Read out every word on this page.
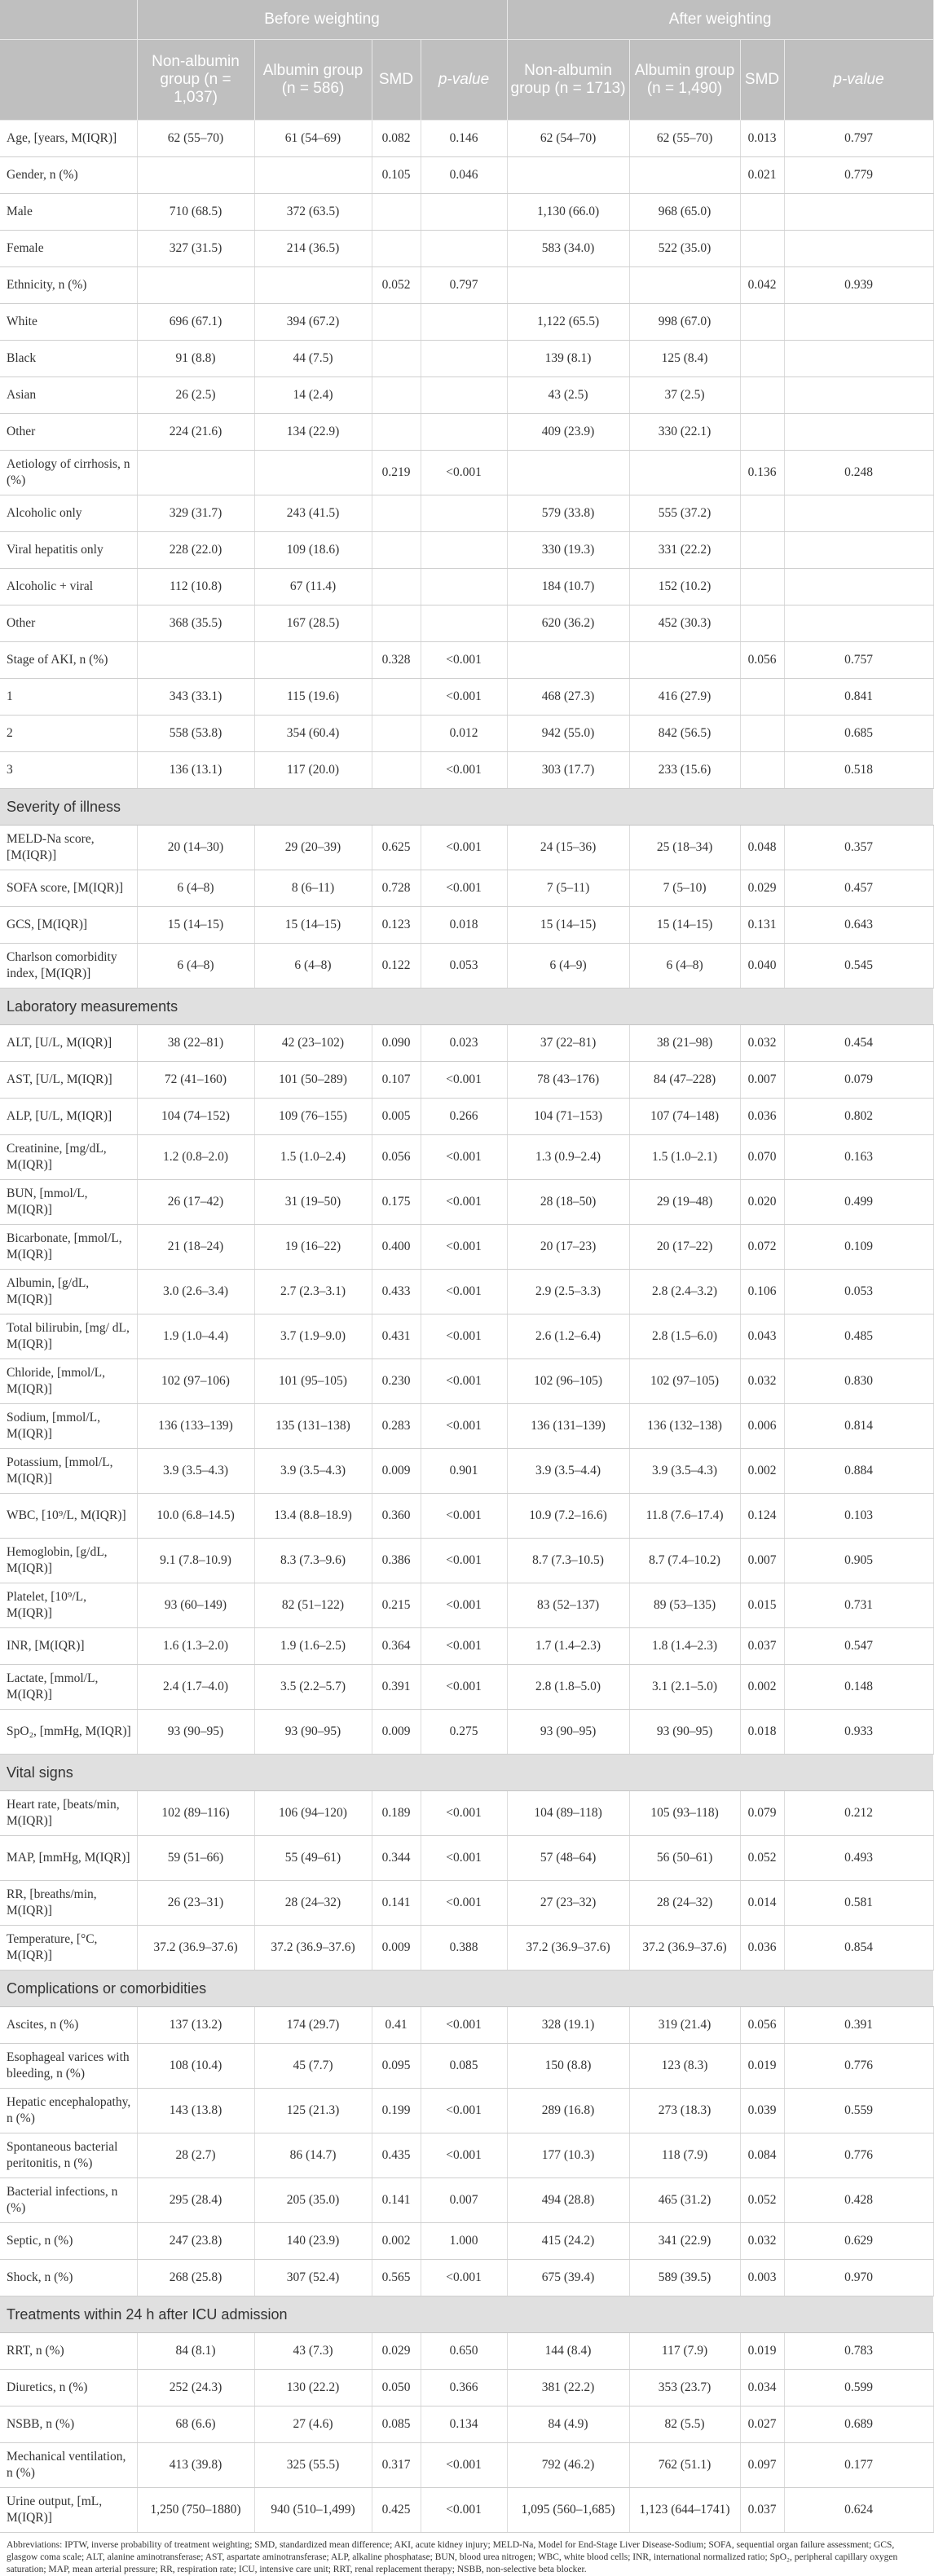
	Before weighting				After weighting			
	Non-albumin group (n = 1,037)	Albumin group (n = 586)	SMD	p-value	Non-albumin group (n = 1713)	Albumin group (n = 1,490)	SMD	p-value
Age, [years, M(IQR)]	62 (55–70)	61 (54–69)	0.082	0.146	62 (54–70)	62 (55–70)	0.013	0.797
Gender, n (%)			0.105	0.046			0.021	0.779
Male	710 (68.5)	372 (63.5)			1,130 (66.0)	968 (65.0)		
Female	327 (31.5)	214 (36.5)			583 (34.0)	522 (35.0)		
Ethnicity, n (%)			0.052	0.797			0.042	0.939
White	696 (67.1)	394 (67.2)			1,122 (65.5)	998 (67.0)		
Black	91 (8.8)	44 (7.5)			139 (8.1)	125 (8.4)		
Asian	26 (2.5)	14 (2.4)			43 (2.5)	37 (2.5)		
Other	224 (21.6)	134 (22.9)			409 (23.9)	330 (22.1)		
Aetiology of cirrhosis, n (%)			0.219	<0.001			0.136	0.248
Alcoholic only	329 (31.7)	243 (41.5)			579 (33.8)	555 (37.2)		
Viral hepatitis only	228 (22.0)	109 (18.6)			330 (19.3)	331 (22.2)		
Alcoholic + viral	112 (10.8)	67 (11.4)			184 (10.7)	152 (10.2)		
Other	368 (35.5)	167 (28.5)			620 (36.2)	452 (30.3)		
Stage of AKI, n (%)			0.328	<0.001			0.056	0.757
1	343 (33.1)	115 (19.6)		<0.001	468 (27.3)	416 (27.9)		0.841
2	558 (53.8)	354 (60.4)		0.012	942 (55.0)	842 (56.5)		0.685
3	136 (13.1)	117 (20.0)		<0.001	303 (17.7)	233 (15.6)		0.518
Severity of illness								
MELD-Na score, [M(IQR)]	20 (14–30)	29 (20–39)	0.625	<0.001	24 (15–36)	25 (18–34)	0.048	0.357
SOFA score, [M(IQR)]	6 (4–8)	8 (6–11)	0.728	<0.001	7 (5–11)	7 (5–10)	0.029	0.457
GCS, [M(IQR)]	15 (14–15)	15 (14–15)	0.123	0.018	15 (14–15)	15 (14–15)	0.131	0.643
Charlson comorbidity index, [M(IQR)]	6 (4–8)	6 (4–8)	0.122	0.053	6 (4–9)	6 (4–8)	0.040	0.545
Laboratory measurements								
ALT, [U/L, M(IQR)]	38 (22–81)	42 (23–102)	0.090	0.023	37 (22–81)	38 (21–98)	0.032	0.454
AST, [U/L, M(IQR)]	72 (41–160)	101 (50–289)	0.107	<0.001	78 (43–176)	84 (47–228)	0.007	0.079
ALP, [U/L, M(IQR)]	104 (74–152)	109 (76–155)	0.005	0.266	104 (71–153)	107 (74–148)	0.036	0.802
Creatinine, [mg/dL, M(IQR)]	1.2 (0.8–2.0)	1.5 (1.0–2.4)	0.056	<0.001	1.3 (0.9–2.4)	1.5 (1.0–2.1)	0.070	0.163
BUN, [mmol/L, M(IQR)]	26 (17–42)	31 (19–50)	0.175	<0.001	28 (18–50)	29 (19–48)	0.020	0.499
Bicarbonate, [mmol/L, M(IQR)]	21 (18–24)	19 (16–22)	0.400	<0.001	20 (17–23)	20 (17–22)	0.072	0.109
Albumin, [g/dL, M(IQR)]	3.0 (2.6–3.4)	2.7 (2.3–3.1)	0.433	<0.001	2.9 (2.5–3.3)	2.8 (2.4–3.2)	0.106	0.053
Total bilirubin, [mg/ dL, M(IQR)]	1.9 (1.0–4.4)	3.7 (1.9–9.0)	0.431	<0.001	2.6 (1.2–6.4)	2.8 (1.5–6.0)	0.043	0.485
Chloride, [mmol/L, M(IQR)]	102 (97–106)	101 (95–105)	0.230	<0.001	102 (96–105)	102 (97–105)	0.032	0.830
Sodium, [mmol/L, M(IQR)]	136 (133–139)	135 (131–138)	0.283	<0.001	136 (131–139)	136 (132–138)	0.006	0.814
Potassium, [mmol/L, M(IQR)]	3.9 (3.5–4.3)	3.9 (3.5–4.3)	0.009	0.901	3.9 (3.5–4.4)	3.9 (3.5–4.3)	0.002	0.884
WBC, [10⁹/L, M(IQR)]	10.0 (6.8–14.5)	13.4 (8.8–18.9)	0.360	<0.001	10.9 (7.2–16.6)	11.8 (7.6–17.4)	0.124	0.103
Hemoglobin, [g/dL, M(IQR)]	9.1 (7.8–10.9)	8.3 (7.3–9.6)	0.386	<0.001	8.7 (7.3–10.5)	8.7 (7.4–10.2)	0.007	0.905
Platelet, [10⁹/L, M(IQR)]	93 (60–149)	82 (51–122)	0.215	<0.001	83 (52–137)	89 (53–135)	0.015	0.731
INR, [M(IQR)]	1.6 (1.3–2.0)	1.9 (1.6–2.5)	0.364	<0.001	1.7 (1.4–2.3)	1.8 (1.4–2.3)	0.037	0.547
Lactate, [mmol/L, M(IQR)]	2.4 (1.7–4.0)	3.5 (2.2–5.7)	0.391	<0.001	2.8 (1.8–5.0)	3.1 (2.1–5.0)	0.002	0.148
SpO₂, [mmHg, M(IQR)]	93 (90–95)	93 (90–95)	0.009	0.275	93 (90–95)	93 (90–95)	0.018	0.933
Vital signs								
Heart rate, [beats/min, M(IQR)]	102 (89–116)	106 (94–120)	0.189	<0.001	104 (89–118)	105 (93–118)	0.079	0.212
MAP, [mmHg, M(IQR)]	59 (51–66)	55 (49–61)	0.344	<0.001	57 (48–64)	56 (50–61)	0.052	0.493
RR, [breaths/min, M(IQR)]	26 (23–31)	28 (24–32)	0.141	<0.001	27 (23–32)	28 (24–32)	0.014	0.581
Temperature, [°C, M(IQR)]	37.2 (36.9–37.6)	37.2 (36.9–37.6)	0.009	0.388	37.2 (36.9–37.6)	37.2 (36.9–37.6)	0.036	0.854
Complications or comorbidities								
Ascites, n (%)	137 (13.2)	174 (29.7)	0.41	<0.001	328 (19.1)	319 (21.4)	0.056	0.391
Esophageal varices with bleeding, n (%)	108 (10.4)	45 (7.7)	0.095	0.085	150 (8.8)	123 (8.3)	0.019	0.776
Hepatic encephalopathy, n (%)	143 (13.8)	125 (21.3)	0.199	<0.001	289 (16.8)	273 (18.3)	0.039	0.559
Spontaneous bacterial peritonitis, n (%)	28 (2.7)	86 (14.7)	0.435	<0.001	177 (10.3)	118 (7.9)	0.084	0.776
Bacterial infections, n (%)	295 (28.4)	205 (35.0)	0.141	0.007	494 (28.8)	465 (31.2)	0.052	0.428
Septic, n (%)	247 (23.8)	140 (23.9)	0.002	1.000	415 (24.2)	341 (22.9)	0.032	0.629
Shock, n (%)	268 (25.8)	307 (52.4)	0.565	<0.001	675 (39.4)	589 (39.5)	0.003	0.970
Treatments within 24 h after ICU admission								
RRT, n (%)	84 (8.1)	43 (7.3)	0.029	0.650	144 (8.4)	117 (7.9)	0.019	0.783
Diuretics, n (%)	252 (24.3)	130 (22.2)	0.050	0.366	381 (22.2)	353 (23.7)	0.034	0.599
NSBB, n (%)	68 (6.6)	27 (4.6)	0.085	0.134	84 (4.9)	82 (5.5)	0.027	0.689
Mechanical ventilation, n (%)	413 (39.8)	325 (55.5)	0.317	<0.001	792 (46.2)	762 (51.1)	0.097	0.177
Urine output, [mL, M(IQR)]	1,250 (750–1880)	940 (510–1,499)	0.425	<0.001	1,095 (560–1,685)	1,123 (644–1741)	0.037	0.624
Abbreviations: IPTW, inverse probability of treatment weighting; SMD, standardized mean difference; AKI, acute kidney injury; MELD-Na, Model for End-Stage Liver Disease-Sodium; SOFA, sequential organ failure assessment; GCS, glasgow coma scale; ALT, alanine aminotransferase; AST, aspartate aminotransferase; ALP, alkaline phosphatase; BUN, blood urea nitrogen; WBC, white blood cells; INR, international normalized ratio; SpO₂, peripheral capillary oxygen saturation; MAP, mean arterial pressure; RR, respiration rate; ICU, intensive care unit; RRT, renal replacement therapy; NSBB, non-selective beta blocker.								
